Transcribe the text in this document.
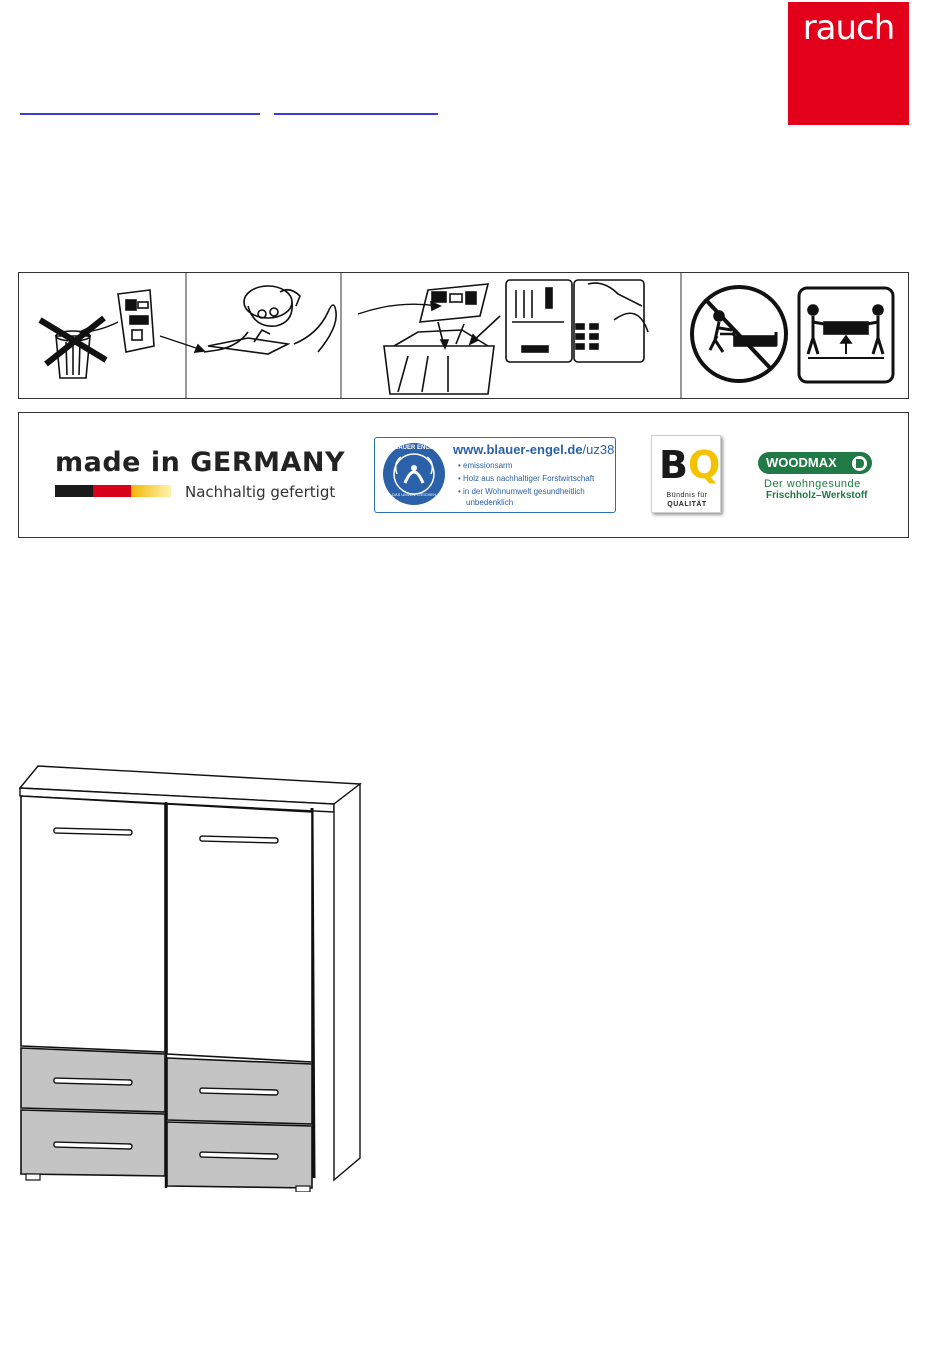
rauch
made in GERMANY
Nachhaltig gefertigt
BLAUER ENGEL
DAS UMWELTZEICHEN
www.blauer-engel.de/uz38
• emissionsarm
• Holz aus nachhaltiger Forstwirtschaft
• in der Wohnumwelt gesundheitlich
unbedenklich
BQ
Bündnis für
QUALITÄT
WOODMAX
Der wohngesunde
Frischholz–Werkstoff
